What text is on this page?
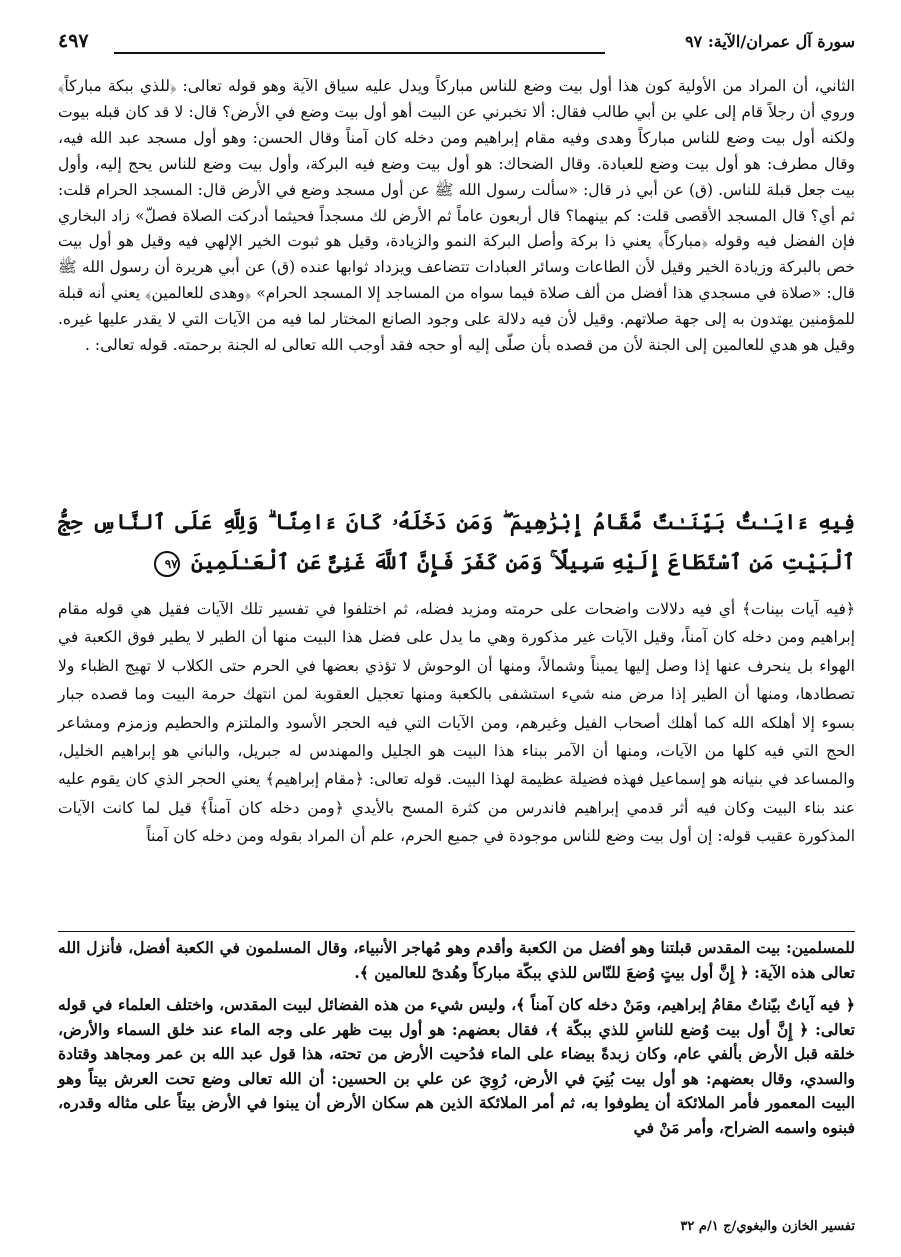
سورة آل عمران/الآية: ٩٧
٤٩٧

الثاني، أن المراد من الأولية كون هذا أول بيت وضع للناس مباركاً ويدل عليه سياق الآية وهو قوله تعالى: ﴿للذي ببكة مباركاً﴾ وروي أن رجلاً قام إلى علي بن أبي طالب فقال: ألا تخبرني عن البيت أهو أول بيت وضع في الأرض؟ قال: لا قد كان قبله بيوت ولكنه أول بيت وضع للناس مباركاً وهدى وفيه مقام إبراهيم ومن دخله كان آمناً وقال الحسن: وهو أول مسجد عبد الله فيه، وقال مطرف: هو أول بيت وضع للعبادة. وقال الضحاك: هو أول بيت وضع فيه البركة، وأول بيت وضع للناس يحج إليه، وأول بيت جعل قبلة للناس. (ق) عن أبي ذر قال: «سألت رسول الله ﷺ عن أول مسجد وضع في الأرض قال: المسجد الحرام قلت: ثم أي؟ قال المسجد الأقصى قلت: كم بينهما؟ قال أربعون عاماً ثم الأرض لك مسجداً فحيثما أدركت الصلاة فصلّ» زاد البخاري فإن الفضل فيه وقوله ﴿مباركاً﴾ يعني ذا بركة وأصل البركة النمو والزيادة، وقيل هو ثبوت الخير الإلهي فيه وقيل هو أول بيت خص بالبركة وزيادة الخير وقيل لأن الطاعات وسائر العبادات تتضاعف ويزداد ثوابها عنده (ق) عن أبي هريرة أن رسول الله ﷺ قال: «صلاة في مسجدي هذا أفضل من ألف صلاة فيما سواه من المساجد إلا المسجد الحرام» ﴿وهدى للعالمين﴾ يعني أنه قبلة للمؤمنين يهتدون به إلى جهة صلاتهم. وقيل لأن فيه دلالة على وجود الصانع المختار لما فيه من الآيات التي لا يقدر عليها غيره. وقيل هو هدي للعالمين إلى الجنة لأن من قصده بأن صلّى إليه أو حجه فقد أوجب الله تعالى له الجنة برحمته. قوله تعالى: .

فِيهِ ءَايَـٰتٌۢ بَيِّنَـٰتٌ مَّقَامُ إِبْرَٰهِيمَ ۖ وَمَن دَخَلَهُۥ كَانَ ءَامِنًا ۗ وَلِلَّهِ عَلَى ٱلنَّاسِ حِجُّ ٱلْبَيْتِ مَنِ ٱسْتَطَاعَ إِلَيْهِ سَبِيلًا ۚ وَمَن كَفَرَ فَإِنَّ ٱللَّهَ غَنِىٌّ عَنِ ٱلْعَـٰلَمِينَ ٩٧

﴿فيه آيات بينات﴾ أي فيه دلالات واضحات على حرمته ومزيد فضله، ثم اختلفوا في تفسير تلك الآيات فقيل هي قوله مقام إبراهيم ومن دخله كان آمناً، وقيل الآيات غير مذكورة وهي ما يدل على فضل هذا البيت منها أن الطير لا يطير فوق الكعبة في الهواء بل ينحرف عنها إذا وصل إليها يميناً وشمالاً، ومنها أن الوحوش لا تؤذي بعضها في الحرم حتى الكلاب لا تهيج الظباء ولا تصطادها، ومنها أن الطير إذا مرض منه شيء استشفى بالكعبة ومنها تعجيل العقوبة لمن انتهك حرمة البيت وما قصده جبار بسوء إلا أهلكه الله كما أهلك أصحاب الفيل وغيرهم، ومن الآيات التي فيه الحجر الأسود والملتزم والحطيم وزمزم ومشاعر الحج التي فيه كلها من الآيات، ومنها أن الآمر ببناء هذا البيت هو الجليل والمهندس له جبريل، والباني هو إبراهيم الخليل، والمساعد في بنيانه هو إسماعيل فهذه فضيلة عظيمة لهذا البيت. قوله تعالى: ﴿مقام إبراهيم﴾ يعني الحجر الذي كان يقوم عليه عند بناء البيت وكان فيه أثر قدمي إبراهيم فاندرس من كثرة المسح بالأيدي ﴿ومن دخله كان آمناً﴾ قيل لما كانت الآيات المذكورة عقيب قوله: إن أول بيت وضع للناس موجودة في جميع الحرم، علم أن المراد بقوله ومن دخله كان آمناً

للمسلمين: بيت المقدس قبلتنا وهو أفضل من الكعبة وأقدم وهو مُهاجر الأنبياء، وقال المسلمون في الكعبة أفضل، فأنزل الله تعالى هذه الآية: ﴿ إِنَّ أول بيتٍ وُضعَ للنّاس للذي ببكّة مباركاً وهُدىً للعالمين ﴾.

﴿ فيه آياتٌ بيّناتٌ مقامُ إبراهيم، ومَنْ دخله كان آمناً ﴾، وليس شيء من هذه الفضائل لبيت المقدس، واختلف العلماء في قوله تعالى: ﴿ إِنَّ أول بيت وُضع للناسِ للذي ببكّة ﴾، فقال بعضهم: هو أول بيت ظهر على وجه الماء عند خلق السماء والأرض، خلقه قبل الأرض بألفي عام، وكان زبدةً بيضاء على الماء فدُحيت الأرض من تحته، هذا قول عبد الله بن عمر ومجاهد وقتادة والسدي، وقال بعضهم: هو أول بيت بُنِيَ في الأرض، رُوِيَ عن علي بن الحسين: أن الله تعالى وضع تحت العرش بيتاً وهو البيت المعمور فأمر الملائكة أن يطوفوا به، ثم أمر الملائكة الذين هم سكان الأرض أن يبنوا في الأرض بيتاً على مثاله وقدره، فبنوه واسمه الضراح، وأمر مَنْ في

تفسير الخازن والبغوي/ج ١/م ٣٢
